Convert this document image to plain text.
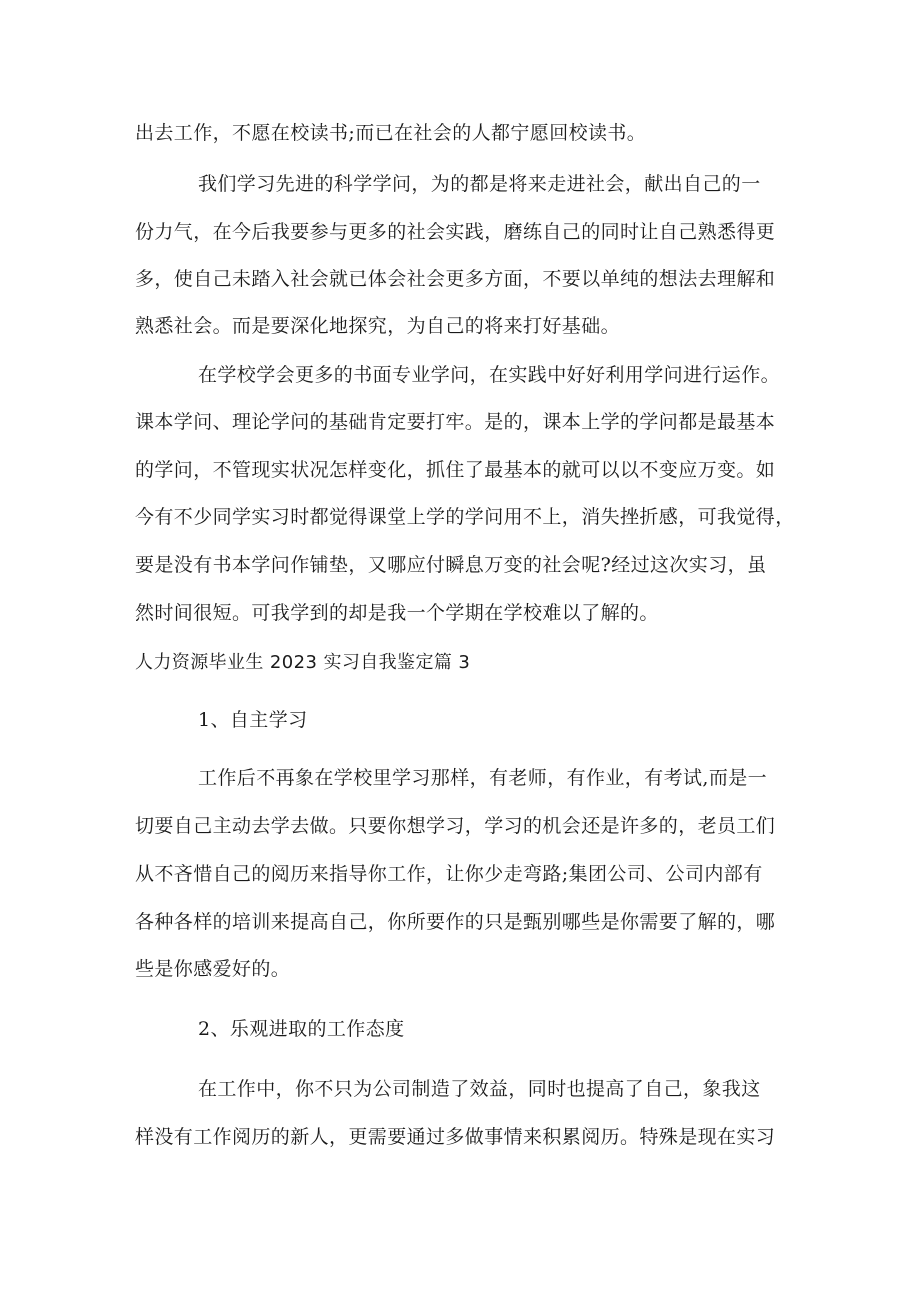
出去工作，不愿在校读书;而已在社会的人都宁愿回校读书。
我们学习先进的科学学问，为的都是将来走进社会，献出自己的一
份力气，在今后我要参与更多的社会实践，磨练自己的同时让自己熟悉得更
多，使自己未踏入社会就已体会社会更多方面，不要以单纯的想法去理解和
熟悉社会。而是要深化地探究，为自己的将来打好基础。
在学校学会更多的书面专业学问，在实践中好好利用学问进行运作。
课本学问、理论学问的基础肯定要打牢。是的，课本上学的学问都是最基本
的学问，不管现实状况怎样变化，抓住了最基本的就可以以不变应万变。如
今有不少同学实习时都觉得课堂上学的学问用不上，消失挫折感，可我觉得，
要是没有书本学问作铺垫，又哪应付瞬息万变的社会呢?经过这次实习，虽
然时间很短。可我学到的却是我一个学期在学校难以了解的。
人力资源毕业生 2023 实习自我鉴定篇 3
1、自主学习
工作后不再象在学校里学习那样，有老师，有作业，有考试,而是一
切要自己主动去学去做。只要你想学习，学习的机会还是许多的，老员工们
从不吝惜自己的阅历来指导你工作，让你少走弯路;集团公司、公司内部有
各种各样的培训来提高自己，你所要作的只是甄别哪些是你需要了解的，哪
些是你感爱好的。
2、乐观进取的工作态度
在工作中，你不只为公司制造了效益，同时也提高了自己，象我这
样没有工作阅历的新人，更需要通过多做事情来积累阅历。特殊是现在实习
